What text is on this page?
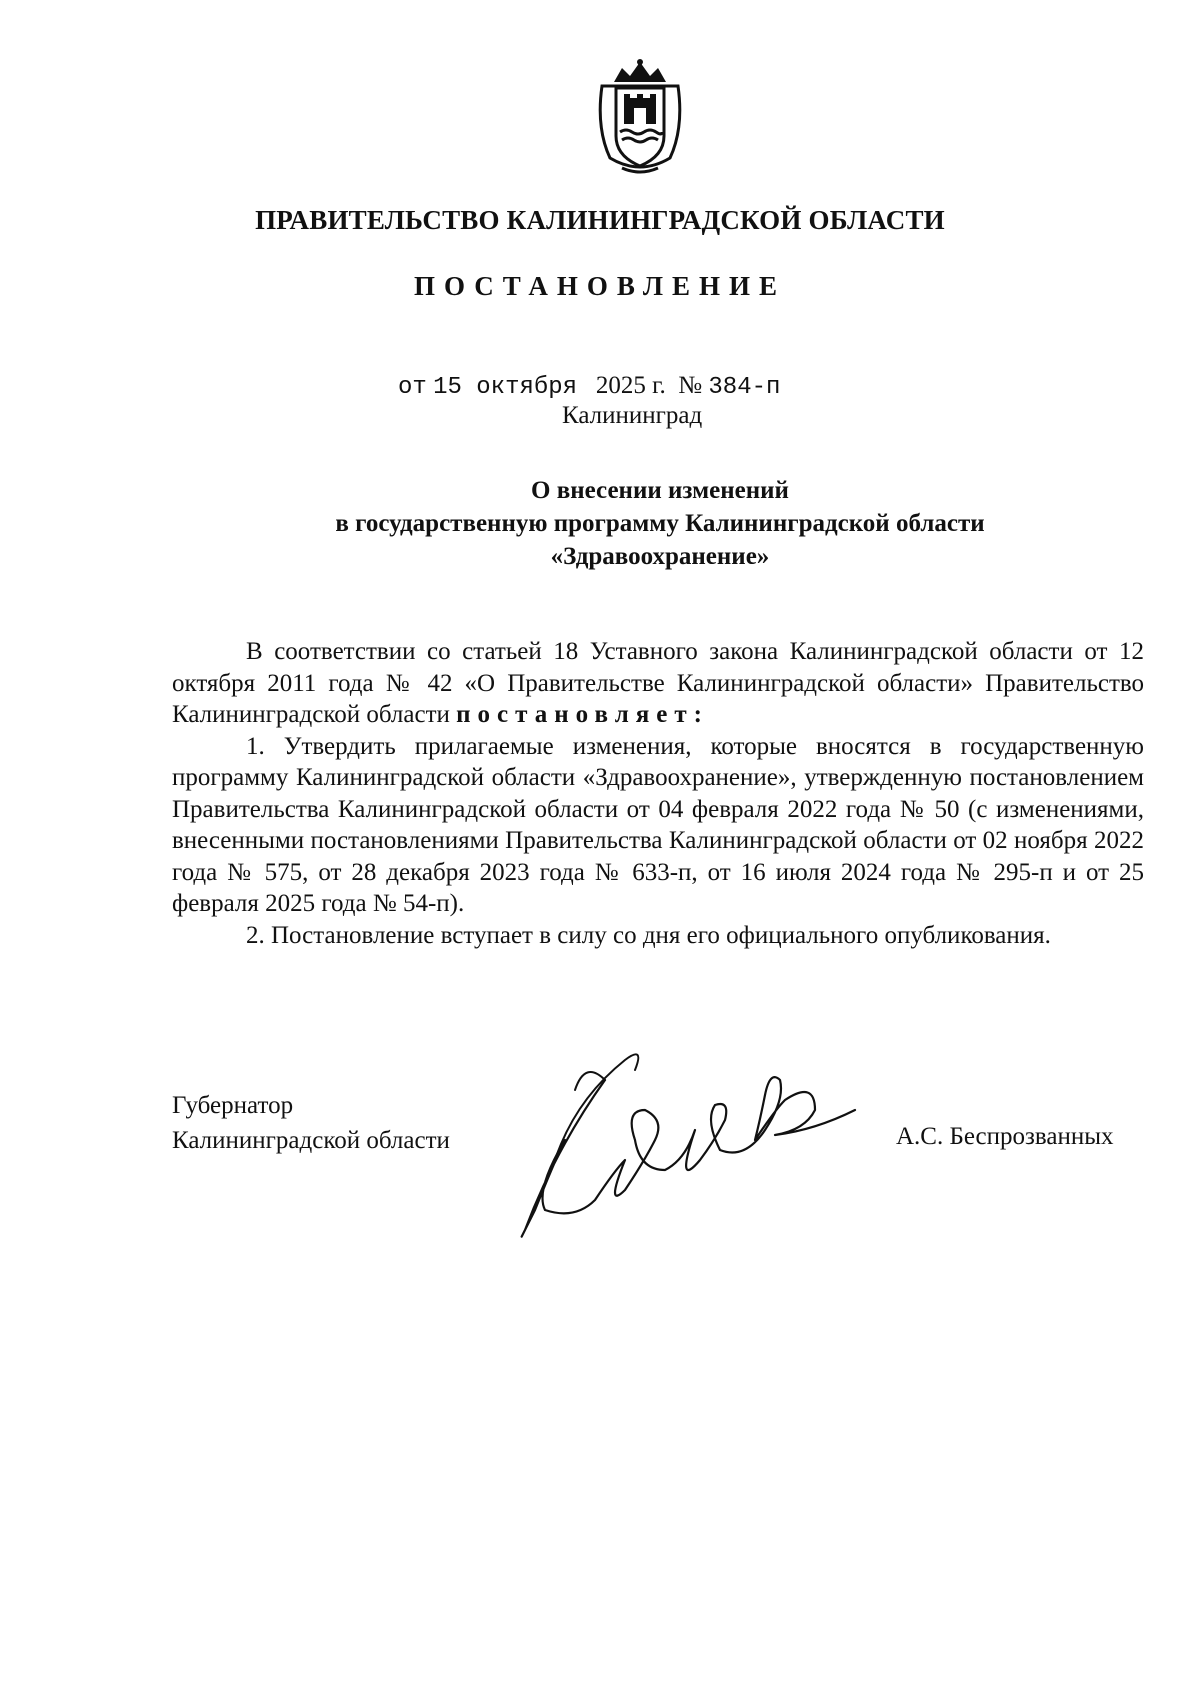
ПРАВИТЕЛЬСТВО КАЛИНИНГРАДСКОЙ ОБЛАСТИ
ПОСТАНОВЛЕНИЕ
от 15 октября 2025 г. № 384-п
Калининград
О внесении изменений
в государственную программу Калининградской области
«Здравоохранение»

В соответствии со статьей 18 Уставного закона Калининградской области от 12 октября 2011 года № 42 «О Правительстве Калининградской области» Правительство Калининградской области постановляет:

1. Утвердить прилагаемые изменения, которые вносятся в государственную программу Калининградской области «Здравоохранение», утвержденную постановлением Правительства Калининградской области от 04 февраля 2022 года № 50 (с изменениями, внесенными постановлениями Правительства Калининградской области от 02 ноября 2022 года № 575, от 28 декабря 2023 года № 633-п, от 16 июля 2024 года № 295-п и от 25 февраля 2025 года № 54-п).

2. Постановление вступает в силу со дня его официального опубликования.

Губернатор
Калининградской области	А.С. Беспрозванных
